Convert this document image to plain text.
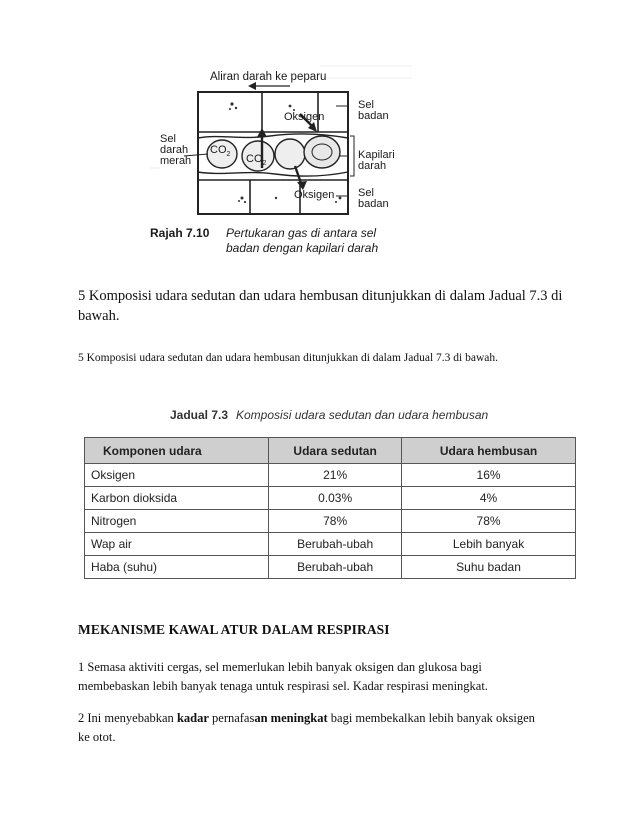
Aliran darah ke peparu
Oksigen
Sel
badan
Sel
darah
merah
$CO_2$ $CO_2$
Kapilari
darah
Oksigen Sel
badan
Rajah 7.10 Pertukaran gas di antara sel
badan dengan kapilari darah
5 Komposisi udara sedutan dan udara hembusan ditunjukkan di dalam Jadual 7.3 di bawah.
5 Komposisi udara sedutan dan udara hembusan ditunjukkan di dalam Jadual 7.3 di bawah.
Jadual 7.3 Komposisi udara sedutan dan udara hembusan
Komponen udara	Udara sedutan	Udara hembusan
Oksigen	21%	16%
Karbon dioksida	0.03%	4%
Nitrogen	78%	78%
Wap air	Berubah-ubah	Lebih banyak
Haba (suhu)	Berubah-ubah	Suhu badan
MEKANISME KAWAL ATUR DALAM RESPIRASI
1 Semasa aktiviti cergas, sel memerlukan lebih banyak oksigen dan glukosa bagi membebaskan lebih banyak tenaga untuk respirasi sel. Kadar respirasi meningkat.
2 Ini menyebabkan kadar pernafasan meningkat bagi membekalkan lebih banyak oksigen ke otot.
